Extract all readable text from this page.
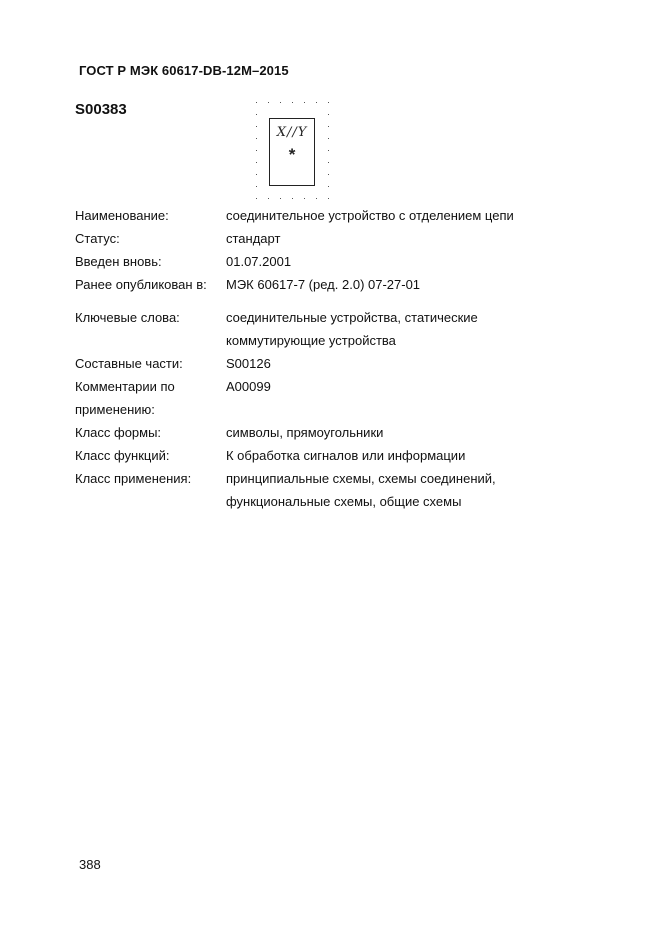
ГОСТ Р МЭК 60617-DB-12M–2015
S00383
X//Y
*
Наименование:	соединительное устройство с отделением цепи
Статус:	стандарт
Введен вновь:	01.07.2001
Ранее опубликован в:	МЭК 60617-7 (ред. 2.0) 07-27-01
Ключевые слова:	соединительные устройства, статические
коммутирующие устройства
Составные части:	S00126
Комментарии по
применению:
A00099
Класс формы:	символы, прямоугольники
Класс функций:	К обработка сигналов или информации
Класс применения:	принципиальные схемы, схемы соединений,
функциональные схемы, общие схемы
388
